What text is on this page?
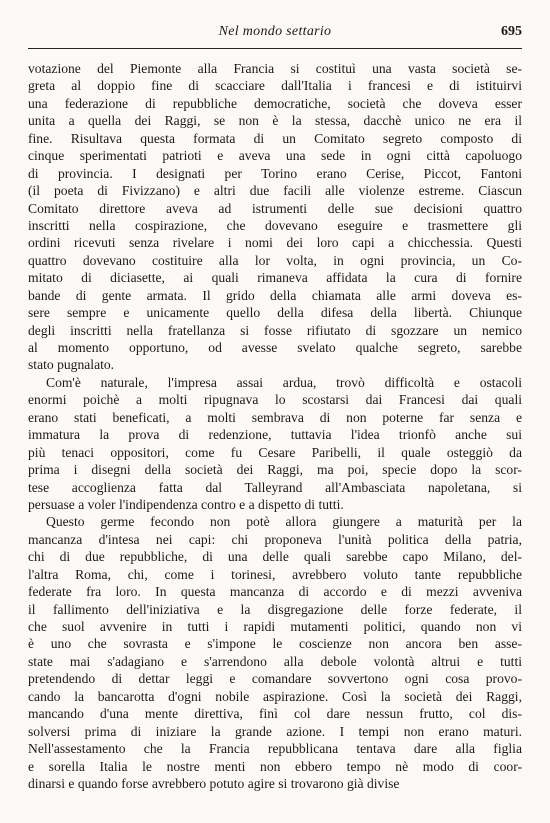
Nel mondo settario	695
votazione del Piemonte alla Francia si costituì una vasta società se-
greta al doppio fine di scacciare dall'Italia i francesi e di istituirvi
una federazione di repubbliche democratiche, società che doveva esser
unita a quella dei Raggi, se non è la stessa, dacchè unico ne era il
fine. Risultava questa formata di un Comitato segreto composto di
cinque sperimentati patrioti e aveva una sede in ogni città capoluogo
di provincia. I designati per Torino erano Cerise, Piccot, Fantoni
(il poeta di Fivizzano) e altri due facili alle violenze estreme. Ciascun
Comitato direttore aveva ad istrumenti delle sue decisioni quattro
inscritti nella cospirazione, che dovevano eseguire e trasmettere gli
ordini ricevuti senza rivelare i nomi dei loro capi a chicchessia. Questi
quattro dovevano costituire alla lor volta, in ogni provincia, un Co-
mitato di diciasette, ai quali rimaneva affidata la cura di fornire
bande di gente armata. Il grido della chiamata alle armi doveva es-
sere sempre e unicamente quello della difesa della libertà. Chiunque
degli inscritti nella fratellanza si fosse rifiutato di sgozzare un nemico
al momento opportuno, od avesse svelato qualche segreto, sarebbe
stato pugnalato.
Com'è naturale, l'impresa assai ardua, trovò difficoltà e ostacoli
enormi poichè a molti ripugnava lo scostarsi dai Francesi dai quali
erano stati beneficati, a molti sembrava di non poterne far senza e
immatura la prova di redenzione, tuttavia l'idea trionfò anche sui
più tenaci oppositori, come fu Cesare Paribelli, il quale osteggiò da
prima i disegni della società dei Raggi, ma poi, specie dopo la scor-
tese accoglienza fatta dal Talleyrand all'Ambasciata napoletana, si
persuase a voler l'indipendenza contro e a dispetto di tutti.
Questo germe fecondo non potè allora giungere a maturità per la
mancanza d'intesa nei capi: chi proponeva l'unità politica della patria,
chi di due repubbliche, di una delle quali sarebbe capo Milano, del-
l'altra Roma, chi, come i torinesi, avrebbero voluto tante repubbliche
federate fra loro. In questa mancanza di accordo e di mezzi avveniva
il fallimento dell'iniziativa e la disgregazione delle forze federate, il
che suol avvenire in tutti i rapidi mutamenti politici, quando non vi
è uno che sovrasta e s'impone le coscienze non ancora ben asse-
state mai s'adagiano e s'arrendono alla debole volontà altrui e tutti
pretendendo di dettar leggi e comandare sovvertono ogni cosa provo-
cando la bancarotta d'ogni nobile aspirazione. Così la società dei Raggi,
mancando d'una mente direttiva, finì col dare nessun frutto, col dis-
solversi prima di iniziare la grande azione. I tempi non erano maturi.
Nell'assestamento che la Francia repubblicana tentava dare alla figlia
e sorella Italia le nostre menti non ebbero tempo nè modo di coor-
dinarsi e quando forse avrebbero potuto agire si trovarono già divise
